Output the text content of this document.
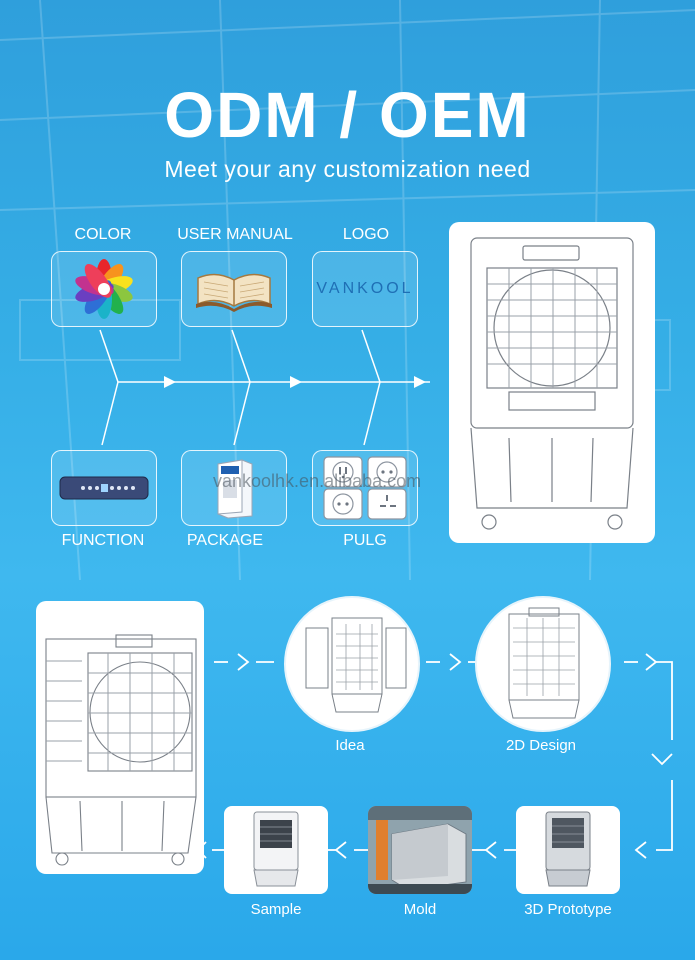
ODM / OEM
Meet your any customization need
COLOR	USER MANUAL	LOGO
VANKOOL
FUNCTION	PACKAGE	PULG
vankoolhk.en.alibaba.com
Idea	2D Design
3D Prototype
Mold
Sample
